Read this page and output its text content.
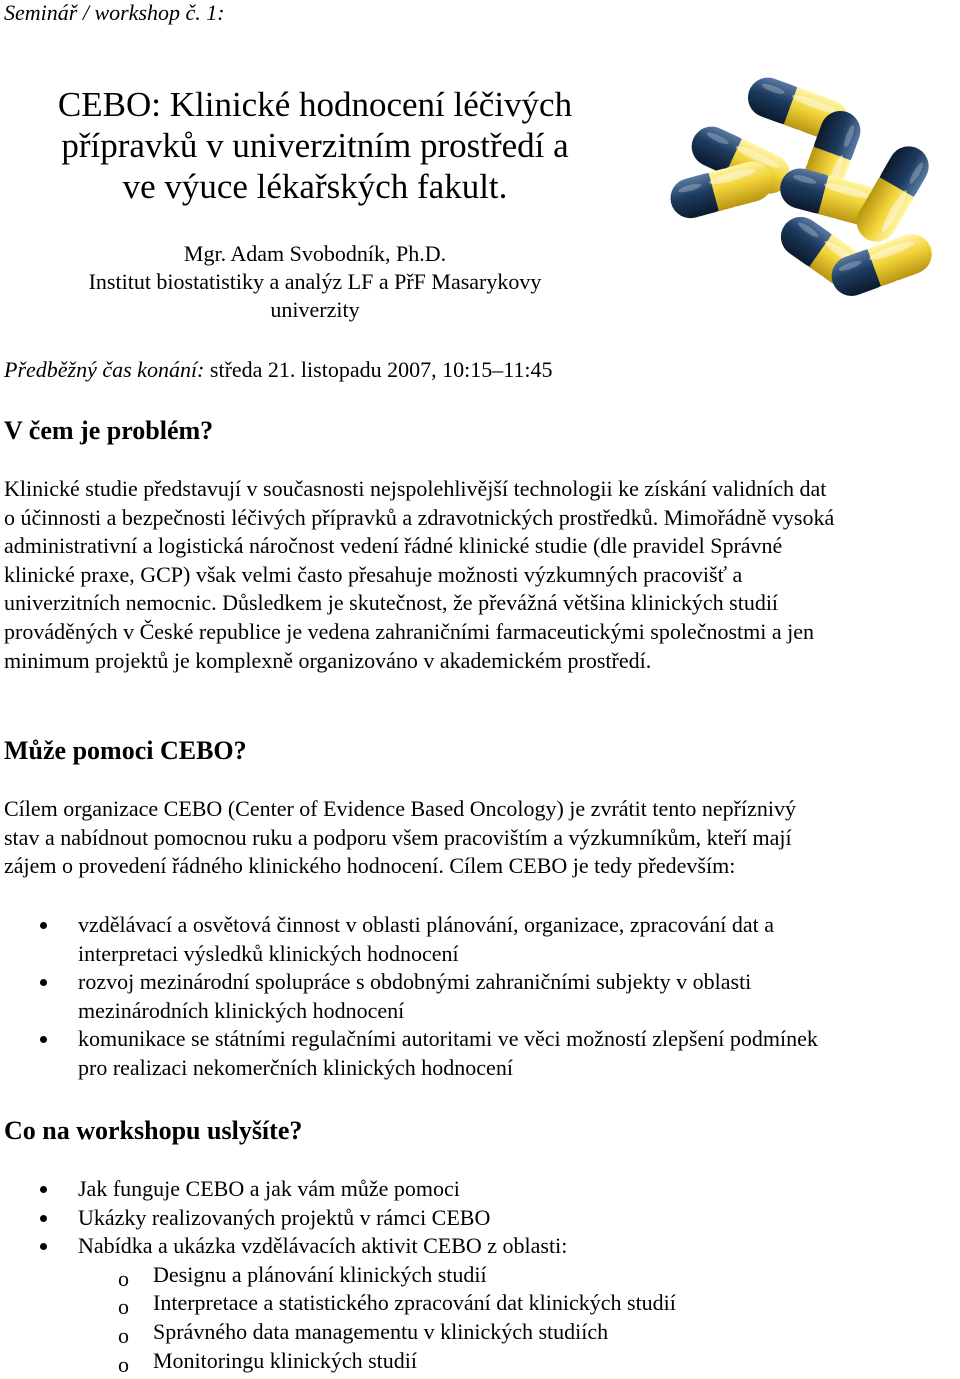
Seminář / workshop č. 1:
CEBO: Klinické hodnocení léčivých
přípravků v univerzitním prostředí a
ve výuce lékařských fakult.
Mgr. Adam Svobodník, Ph.D.
Institut biostatistiky a analýz LF a PřF Masarykovy
univerzity
Předběžný čas konání: středa 21. listopadu 2007, 10:15–11:45
V čem je problém?
Klinické studie představují v současnosti nejspolehlivější technologii ke získání validních dat
o účinnosti a bezpečnosti léčivých přípravků a zdravotnických prostředků. Mimořádně vysoká
administrativní a logistická náročnost vedení řádné klinické studie (dle pravidel Správné
klinické praxe, GCP) však velmi často přesahuje možnosti výzkumných pracovišť a
univerzitních nemocnic. Důsledkem je skutečnost, že převážná většina klinických studií
prováděných v České republice je vedena zahraničními farmaceutickými společnostmi a jen
minimum projektů je komplexně organizováno v akademickém prostředí.
Může pomoci CEBO?
Cílem organizace CEBO (Center of Evidence Based Oncology) je zvrátit tento nepříznivý
stav a nabídnout pomocnou ruku a podporu všem pracovištím a výzkumníkům, kteří mají
zájem o provedení řádného klinického hodnocení. Cílem CEBO je tedy především:
vzdělávací a osvětová činnost v oblasti plánování, organizace, zpracování dat a
interpretaci výsledků klinických hodnocení
rozvoj mezinárodní spolupráce s obdobnými zahraničními subjekty v oblasti
mezinárodních klinických hodnocení
komunikace se státními regulačními autoritami ve věci možností zlepšení podmínek
pro realizaci nekomerčních klinických hodnocení
Co na workshopu uslyšíte?
Jak funguje CEBO a jak vám může pomoci
Ukázky realizovaných projektů v rámci CEBO
Nabídka a ukázka vzdělávacích aktivit CEBO z oblasti:
o Designu a plánování klinických studií
o Interpretace a statistického zpracování dat klinických studií
o Správného data managementu v klinických studiích
o Monitoringu klinických studií
